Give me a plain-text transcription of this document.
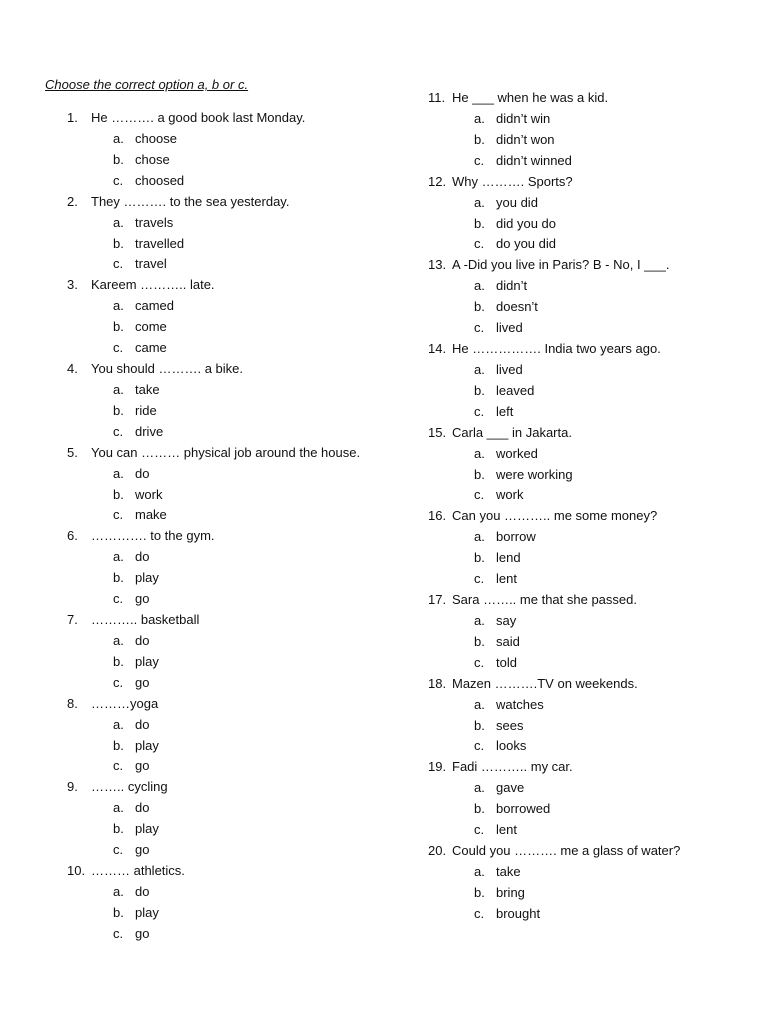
Choose the correct option a, b or c.
1. He ………. a good book last Monday.
a. choose
b. chose
c. choosed
2. They ………. to the sea yesterday.
a. travels
b. travelled
c. travel
3. Kareem ……….. late.
a. camed
b. come
c. came
4. You should ………. a bike.
a. take
b. ride
c. drive
5. You can ……… physical job around the house.
a. do
b. work
c. make
6. …………. to the gym.
a. do
b. play
c. go
7. ……….. basketball
a. do
b. play
c. go
8. ………yoga
a. do
b. play
c. go
9. …….. cycling
a. do
b. play
c. go
10. ……… athletics.
a. do
b. play
c. go
11. He ___ when he was a kid.
a. didn’t win
b. didn’t won
c. didn’t winned
12. Why ………. Sports?
a. you did
b. did you do
c. do you did
13. A -Did you live in Paris? B - No, I ___.
a. didn’t
b. doesn’t
c. lived
14. He ……………. India two years ago.
a. lived
b. leaved
c. left
15. Carla ___ in Jakarta.
a. worked
b. were working
c. work
16. Can you ……….. me some money?
a. borrow
b. lend
c. lent
17. Sara …….. me that she passed.
a. say
b. said
c. told
18. Mazen ……….TV on weekends.
a. watches
b. sees
c. looks
19. Fadi ……….. my car.
a. gave
b. borrowed
c. lent
20. Could you ………. me a glass of water?
a. take
b. bring
c. brought
